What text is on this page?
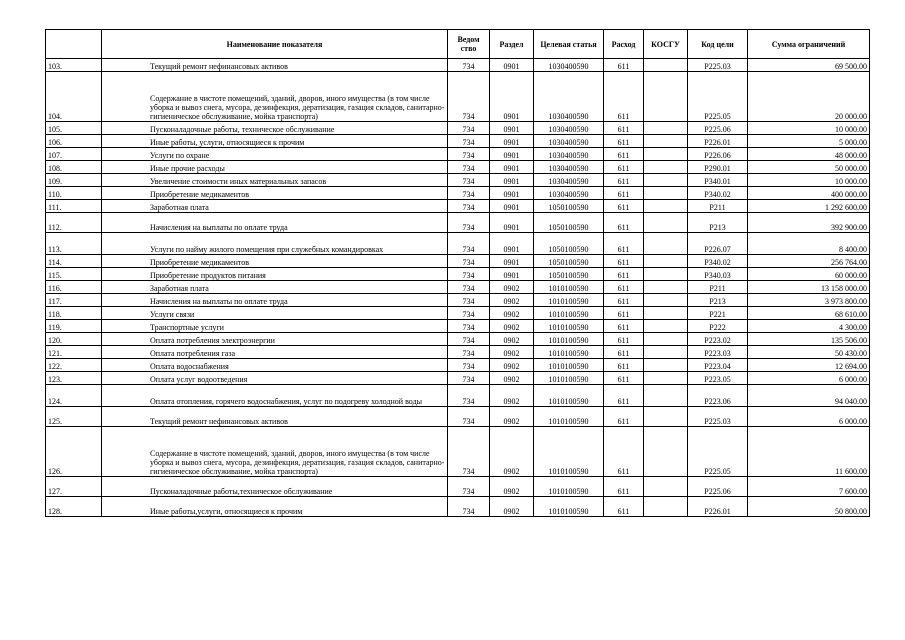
	Наименование показателя	Ведом ство	Раздел	Целевая статья	Расход	КОСГУ	Код цели	Сумма ограничений
103.	Текущий ремонт нефинансовых активов	734	0901	1030400590	611		P225.03	69 500.00
104.	Содержание в чистоте помещений, зданий, дворов, иного имущества (в том числе уборка и вывоз снега, мусора, дезинфекция, дератизация, газация складов, санитарно-гигиеническое обслуживание, мойка транспорта)	734	0901	1030400590	611		P225.05	20 000.00
105.	Пусконаладочные работы, техническое обслуживание	734	0901	1030400590	611		P225.06	10 000.00
106.	Иные работы, услуги, относящиеся к прочим	734	0901	1030400590	611		P226.01	5 000.00
107.	Услуги по охране	734	0901	1030400590	611		P226.06	48 000.00
108.	Иные прочие расходы	734	0901	1030400590	611		P290.01	50 000.00
109.	Увеличение стоимости иных материальных запасов	734	0901	1030400590	611		P340.01	10 000.00
110.	Приобретение медикаментов	734	0901	1030400590	611		P340.02	400 000.00
111.	Заработная плата	734	0901	1050100590	611		P211	1 292 600.00
112.	Начисления на выплаты по оплате труда	734	0901	1050100590	611		P213	392 900.00
113.	Услуги по найму жилого помещения при служебных командировках	734	0901	1050100590	611		P226.07	8 400.00
114.	Приобретение медикаментов	734	0901	1050100590	611		P340.02	256 764.00
115.	Приобретение продуктов питания	734	0901	1050100590	611		P340.03	60 000.00
116.	Заработная плата	734	0902	1010100590	611		P211	13 158 000.00
117.	Начисления на выплаты по оплате труда	734	0902	1010100590	611		P213	3 973 800.00
118.	Услуги связи	734	0902	1010100590	611		P221	68 610.00
119.	Транспортные услуги	734	0902	1010100590	611		P222	4 300.00
120.	Оплата потребления электроэнергии	734	0902	1010100590	611		P223.02	135 506.00
121.	Оплата потребления газа	734	0902	1010100590	611		P223.03	50 430.00
122.	Оплата водоснабжения	734	0902	1010100590	611		P223.04	12 694.00
123.	Оплата услуг водоотведения	734	0902	1010100590	611		P223.05	6 000.00
124.	Оплата отопления, горячего водоснабжения, услуг по подогреву холодной воды	734	0902	1010100590	611		P223.06	94 040.00
125.	Текущий ремонт нефинансовых активов	734	0902	1010100590	611		P225.03	6 000.00
126.	Содержание в чистоте помещений, зданий, дворов, иного имущества (в том числе уборка и вывоз снега, мусора, дезинфекция, дератизация, газация складов, санитарно-гигиеническое обслуживание, мойка транспорта)	734	0902	1010100590	611		P225.05	11 600.00
127.	Пусконаладочные работы,техническое обслуживание	734	0902	1010100590	611		P225.06	7 600.00
128.	Иные работы,услуги, относящиеся к прочим	734	0902	1010100590	611		P226.01	50 800.00
